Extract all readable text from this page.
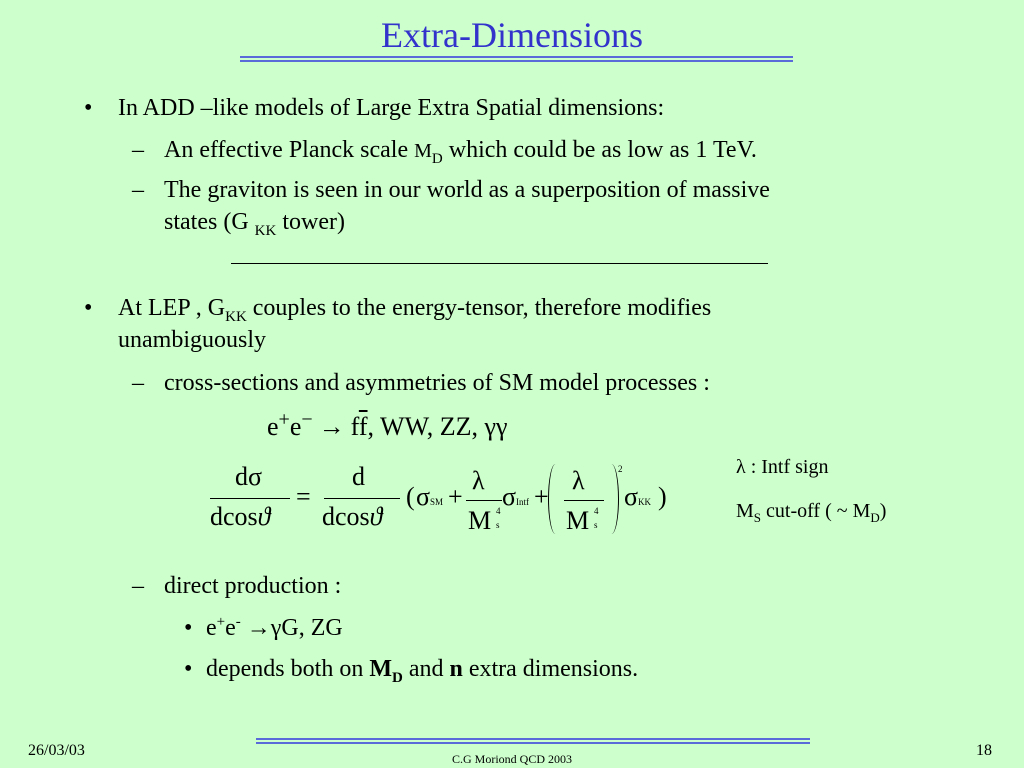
Extra-Dimensions
• In ADD –like models of Large Extra Spatial dimensions:
– An effective Planck scale $M_D$ which could be as low as 1 TeV.
– The graviton is seen in our world as a superposition of massive
states (G $_{KK}$ tower)
• At LEP , $G_{KK}$ couples to the energy-tensor, therefore modifies
unambiguously
– cross-sections and asymmetries of SM model processes :
$e^+e^- \to f\overline{f}$, WW, ZZ, γγ
dσ
dcosϑ
=
d
dcosϑ
( σSM +
λ
M 4
s
σIntf +
λ
M 4
s
2
σKK )
λ : Intf sign
$M_S$ cut-off ( ~ $M_D$)
– direct production :
• e+e- →γG, ZG
• depends both on $M_D$ and n extra dimensions.
26/03/03	C.G Moriond QCD 2003	18
